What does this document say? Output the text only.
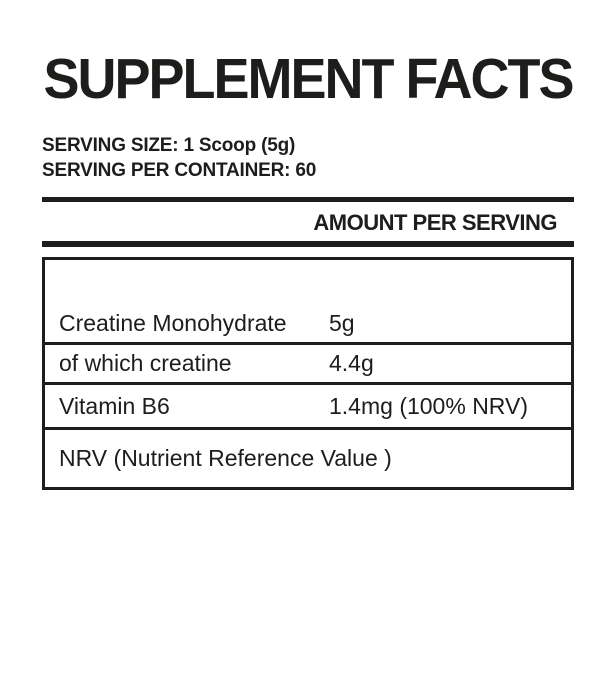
SUPPLEMENT FACTS
SERVING SIZE: 1 Scoop (5g)
SERVING PER CONTAINER: 60
AMOUNT PER SERVING
Creatine Monohydrate	5g
of which creatine	4.4g
Vitamin B6	1.4mg (100% NRV)
NRV (Nutrient Reference Value )
